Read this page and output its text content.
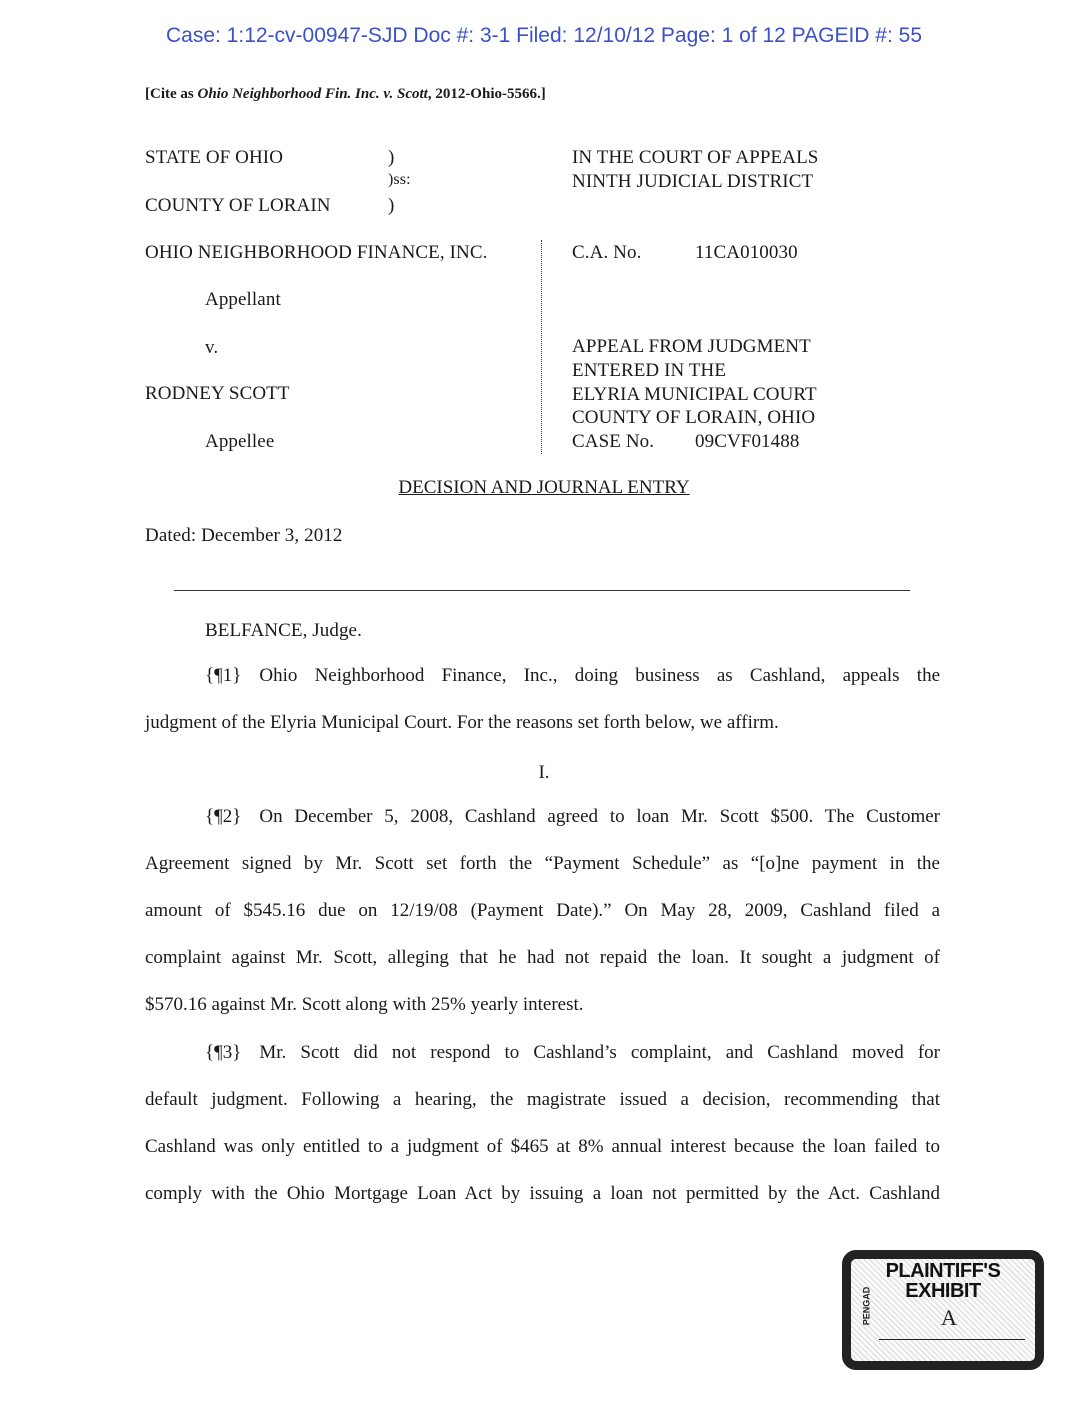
Case: 1:12-cv-00947-SJD Doc #: 3-1 Filed: 12/10/12 Page: 1 of 12 PAGEID #: 55
[Cite as Ohio Neighborhood Fin. Inc. v. Scott, 2012-Ohio-5566.]
STATE OF OHIO
COUNTY OF LORAIN
)
)ss:
)
IN THE COURT OF APPEALS
NINTH JUDICIAL DISTRICT
OHIO NEIGHBORHOOD FINANCE, INC.
Appellant
v.
RODNEY SCOTT
Appellee
C.A. No.	11CA010030
APPEAL FROM JUDGMENT
ENTERED IN THE
ELYRIA MUNICIPAL COURT
COUNTY OF LORAIN, OHIO
CASE No. 09CVF01488
DECISION AND JOURNAL ENTRY
Dated: December 3, 2012
BELFANCE, Judge.
{¶1} Ohio Neighborhood Finance, Inc., doing business as Cashland, appeals the
judgment of the Elyria Municipal Court. For the reasons set forth below, we affirm.
I.
{¶2} On December 5, 2008, Cashland agreed to loan Mr. Scott $500. The Customer
Agreement signed by Mr. Scott set forth the “Payment Schedule” as “[o]ne payment in the
amount of $545.16 due on 12/19/08 (Payment Date).” On May 28, 2009, Cashland filed a
complaint against Mr. Scott, alleging that he had not repaid the loan. It sought a judgment of
$570.16 against Mr. Scott along with 25% yearly interest.
{¶3} Mr. Scott did not respond to Cashland’s complaint, and Cashland moved for
default judgment. Following a hearing, the magistrate issued a decision, recommending that
Cashland was only entitled to a judgment of $465 at 8% annual interest because the loan failed to
comply with the Ohio Mortgage Loan Act by issuing a loan not permitted by the Act. Cashland
PENGAD
PLAINTIFF'S
EXHIBIT
A
